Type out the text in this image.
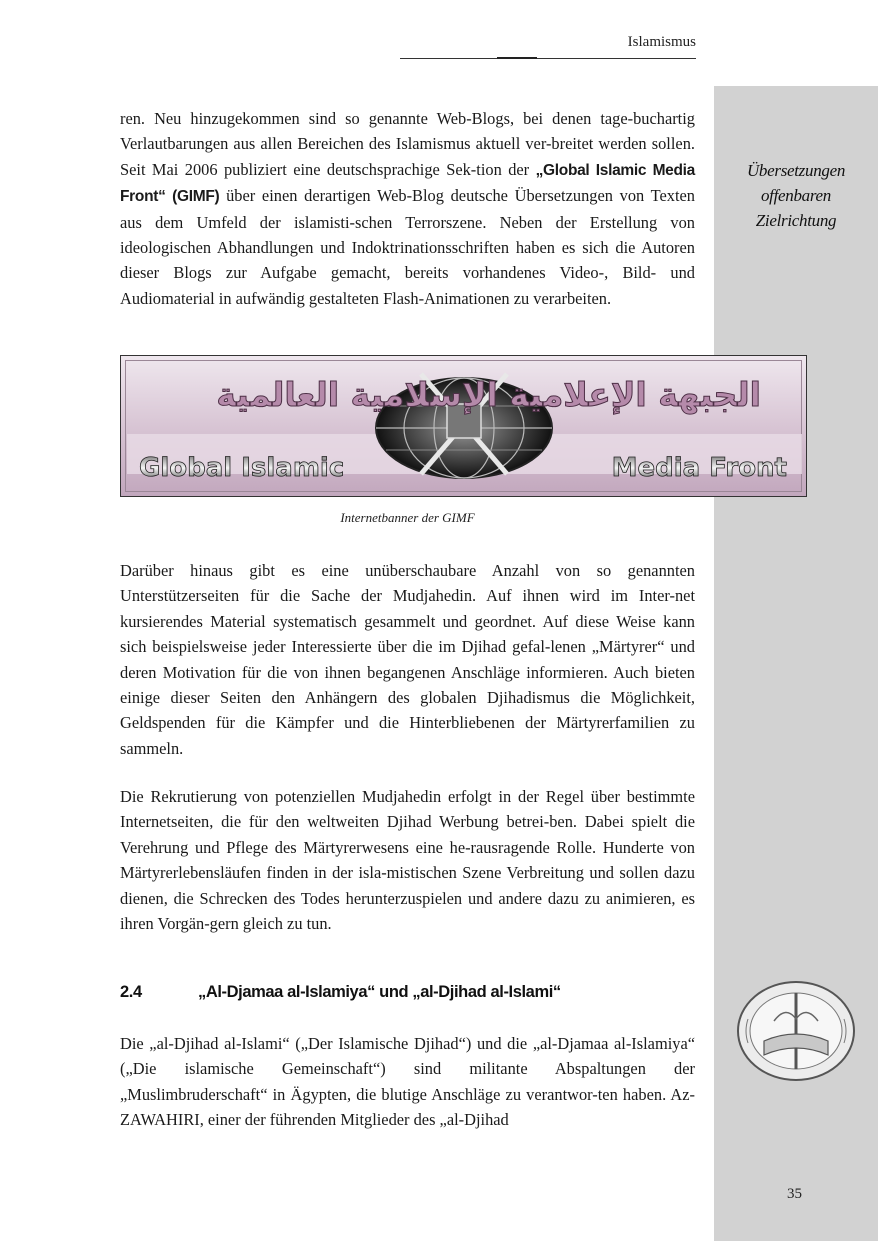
Islamismus
Übersetzungen
offenbaren
Zielrichtung

ren. Neu hinzugekommen sind so genannte Web-Blogs, bei denen tage-buchartig Verlautbarungen aus allen Bereichen des Islamismus aktuell ver-breitet werden sollen. Seit Mai 2006 publiziert eine deutschsprachige Sek-tion der „Global Islamic Media Front“ (GIMF) über einen derartigen Web-Blog deutsche Übersetzungen von Texten aus dem Umfeld der islamisti-schen Terrorszene. Neben der Erstellung von ideologischen Abhandlungen und Indoktrinationsschriften haben es sich die Autoren dieser Blogs zur Aufgabe gemacht, bereits vorhandenes Video-, Bild- und Audiomaterial in aufwändig gestalteten Flash-Animationen zu verarbeiten.

الجبهة الإعلامية الإسلامية العالمية
Global Islamic	Media Front
Internetbanner der GIMF

Darüber hinaus gibt es eine unüberschaubare Anzahl von so genannten Unterstützerseiten für die Sache der Mudjahedin. Auf ihnen wird im Inter-net kursierendes Material systematisch gesammelt und geordnet. Auf diese Weise kann sich beispielsweise jeder Interessierte über die im Djihad gefal-lenen „Märtyrer“ und deren Motivation für die von ihnen begangenen Anschläge informieren. Auch bieten einige dieser Seiten den Anhängern des globalen Djihadismus die Möglichkeit, Geldspenden für die Kämpfer und die Hinterbliebenen der Märtyrerfamilien zu sammeln.

Die Rekrutierung von potenziellen Mudjahedin erfolgt in der Regel über bestimmte Internetseiten, die für den weltweiten Djihad Werbung betrei-ben. Dabei spielt die Verehrung und Pflege des Märtyrerwesens eine he-rausragende Rolle. Hunderte von Märtyrerlebensläufen finden in der isla-mistischen Szene Verbreitung und sollen dazu dienen, die Schrecken des Todes herunterzuspielen und andere dazu zu animieren, es ihren Vorgän-gern gleich zu tun.

2.4	„Al-Djamaa al-Islamiya“ und „al-Djihad al-Islami“

Die „al-Djihad al-Islami“ („Der Islamische Djihad“) und die „al-Djamaa al-Islamiya“ („Die islamische Gemeinschaft“) sind militante Abspaltungen der „Muslimbruderschaft“ in Ägypten, die blutige Anschläge zu verantwor-ten haben. Az-ZAWAHIRI, einer der führenden Mitglieder des „al-Djihad

35
